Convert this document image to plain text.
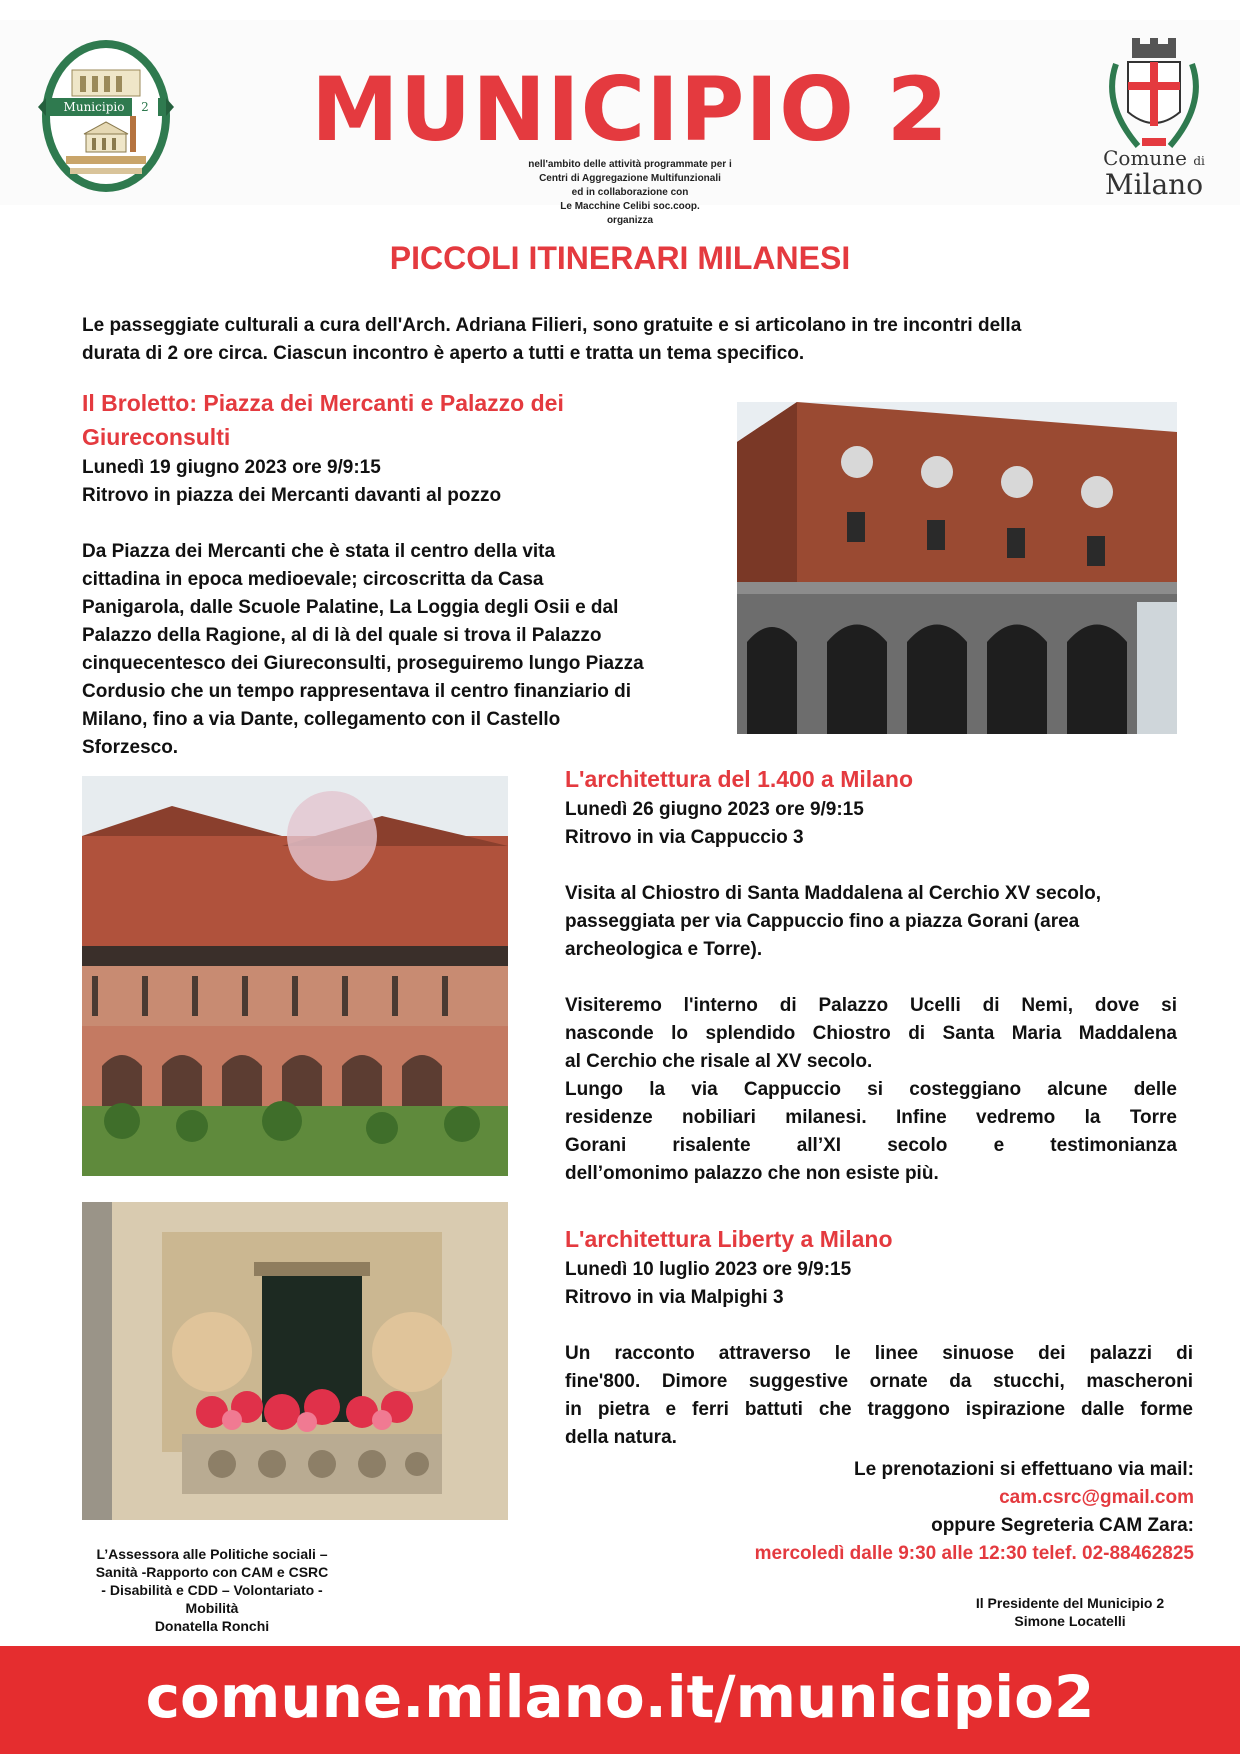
Municipio	2 MUNICIPIO 2
nell'ambito delle attività programmate per i
Centri di Aggregazione Multifunzionali
ed in collaborazione con
Le Macchine Celibi soc.coop.
organizza
Comune di
Milano
PICCOLI ITINERARI MILANESI
Le passeggiate culturali a cura dell'Arch. Adriana Filieri, sono gratuite e si articolano in tre incontri della
durata di 2 ore circa. Ciascun incontro è aperto a tutti e tratta un tema specifico.
Il Broletto: Piazza dei Mercanti e Palazzo dei
Giureconsulti
Lunedì 19 giugno 2023 ore 9/9:15
Ritrovo in piazza dei Mercanti davanti al pozzo
Da Piazza dei Mercanti che è stata il centro della vita
cittadina in epoca medioevale; circoscritta da Casa
Panigarola, dalle Scuole Palatine, La Loggia degli Osii e dal
Palazzo della Ragione, al di là del quale si trova il Palazzo
cinquecentesco dei Giureconsulti, proseguiremo lungo Piazza
Cordusio che un tempo rappresentava il centro finanziario di
Milano, fino a via Dante, collegamento con il Castello
Sforzesco.
L'architettura del 1.400 a Milano
Lunedì 26 giugno 2023 ore 9/9:15
Ritrovo in via Cappuccio 3
Visita al Chiostro di Santa Maddalena al Cerchio XV secolo,
passeggiata per via Cappuccio fino a piazza Gorani (area
archeologica e Torre).
Visiteremo l'interno di Palazzo Ucelli di Nemi, dove si
nasconde lo splendido Chiostro di Santa Maria Maddalena
al Cerchio che risale al XV secolo.
Lungo la via Cappuccio si costeggiano alcune delle
residenze nobiliari milanesi. Infine vedremo la Torre
Gorani risalente all’XI secolo e testimonianza
dell’omonimo palazzo che non esiste più.
L'architettura Liberty a Milano
Lunedì 10 luglio 2023 ore 9/9:15
Ritrovo in via Malpighi 3
Un racconto attraverso le linee sinuose dei palazzi di
fine'800. Dimore suggestive ornate da stucchi, mascheroni
in pietra e ferri battuti che traggono ispirazione dalle forme
della natura.
Le prenotazioni si effettuano via mail:
cam.csrc@gmail.com
oppure Segreteria CAM Zara:
mercoledì dalle 9:30 alle 12:30 telef. 02-88462825
L’Assessora alle Politiche sociali –
Sanità -Rapporto con CAM e CSRC
- Disabilità e CDD – Volontariato -
Mobilità
Donatella Ronchi
Il Presidente del Municipio 2
Simone Locatelli
comune.milano.it/municipio2
